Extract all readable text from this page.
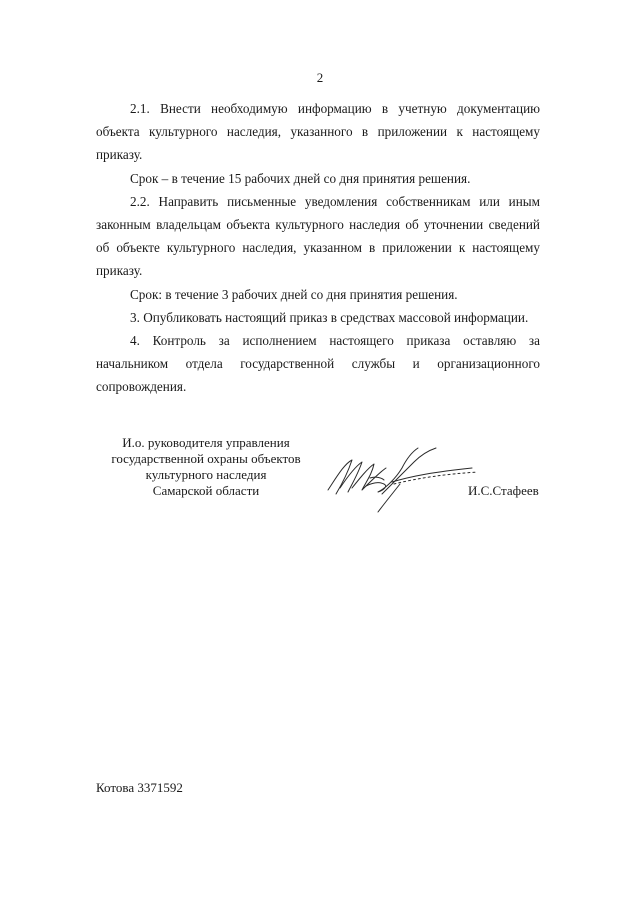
2

2.1. Внести необходимую информацию в учетную документацию объекта культурного наследия, указанного в приложении к настоящему приказу.

Срок – в течение 15 рабочих дней со дня принятия решения.

2.2. Направить письменные уведомления собственникам или иным законным владельцам объекта культурного наследия об уточнении сведений об объекте культурного наследия, указанном в приложении к настоящему приказу.

Срок: в течение 3 рабочих дней со дня принятия решения.

3. Опубликовать настоящий приказ в средствах массовой информации.

4. Контроль за исполнением настоящего приказа оставляю за начальником отдела государственной службы и организационного сопровождения.

И.о. руководителя управления
государственной охраны объектов
культурного наследия
Самарской области	И.С.Стафеев
Котова 3371592
